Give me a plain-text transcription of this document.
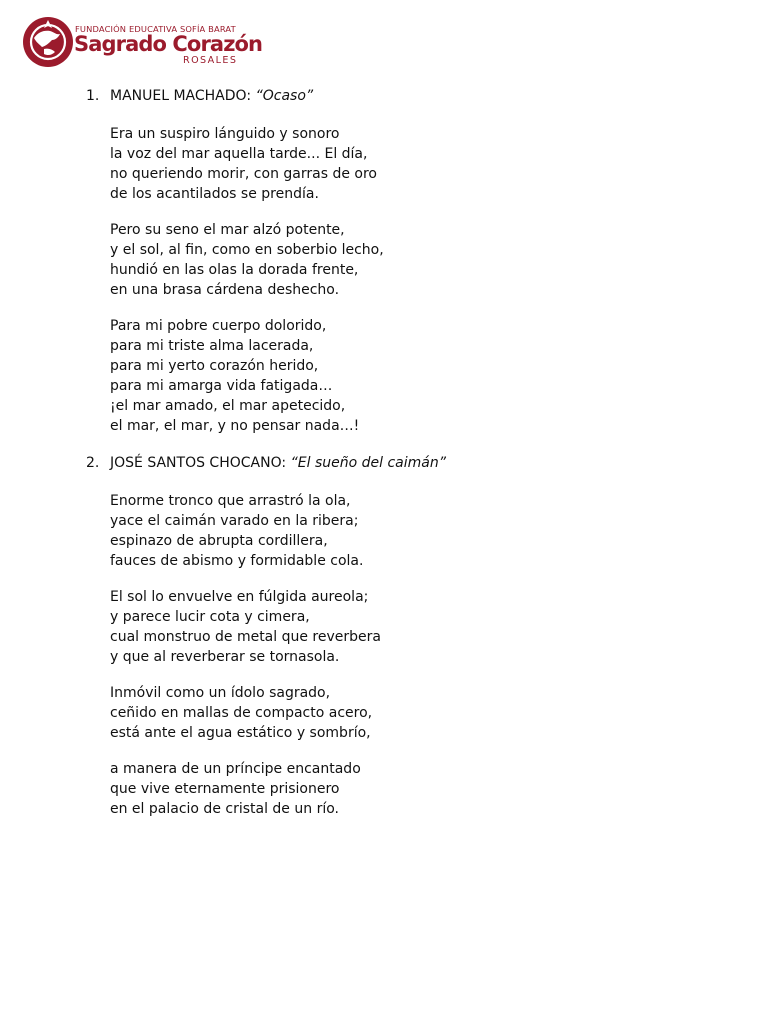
FUNDACIÓN EDUCATIVA SOFÍA BARAT
Sagrado Corazón
ROSALES
1. MANUEL MACHADO: “Ocaso”
Era un suspiro lánguido y sonoro
la voz del mar aquella tarde... El día,
no queriendo morir, con garras de oro
de los acantilados se prendía.
Pero su seno el mar alzó potente,
y el sol, al fin, como en soberbio lecho,
hundió en las olas la dorada frente,
en una brasa cárdena deshecho.
Para mi pobre cuerpo dolorido,
para mi triste alma lacerada,
para mi yerto corazón herido,
para mi amarga vida fatigada…
¡el mar amado, el mar apetecido,
el mar, el mar, y no pensar nada…!
2. JOSÉ SANTOS CHOCANO: “El sueño del caimán”
Enorme tronco que arrastró la ola,
yace el caimán varado en la ribera;
espinazo de abrupta cordillera,
fauces de abismo y formidable cola.
El sol lo envuelve en fúlgida aureola;
y parece lucir cota y cimera,
cual monstruo de metal que reverbera
y que al reverberar se tornasola.
Inmóvil como un ídolo sagrado,
ceñido en mallas de compacto acero,
está ante el agua estático y sombrío,
a manera de un príncipe encantado
que vive eternamente prisionero
en el palacio de cristal de un río.
